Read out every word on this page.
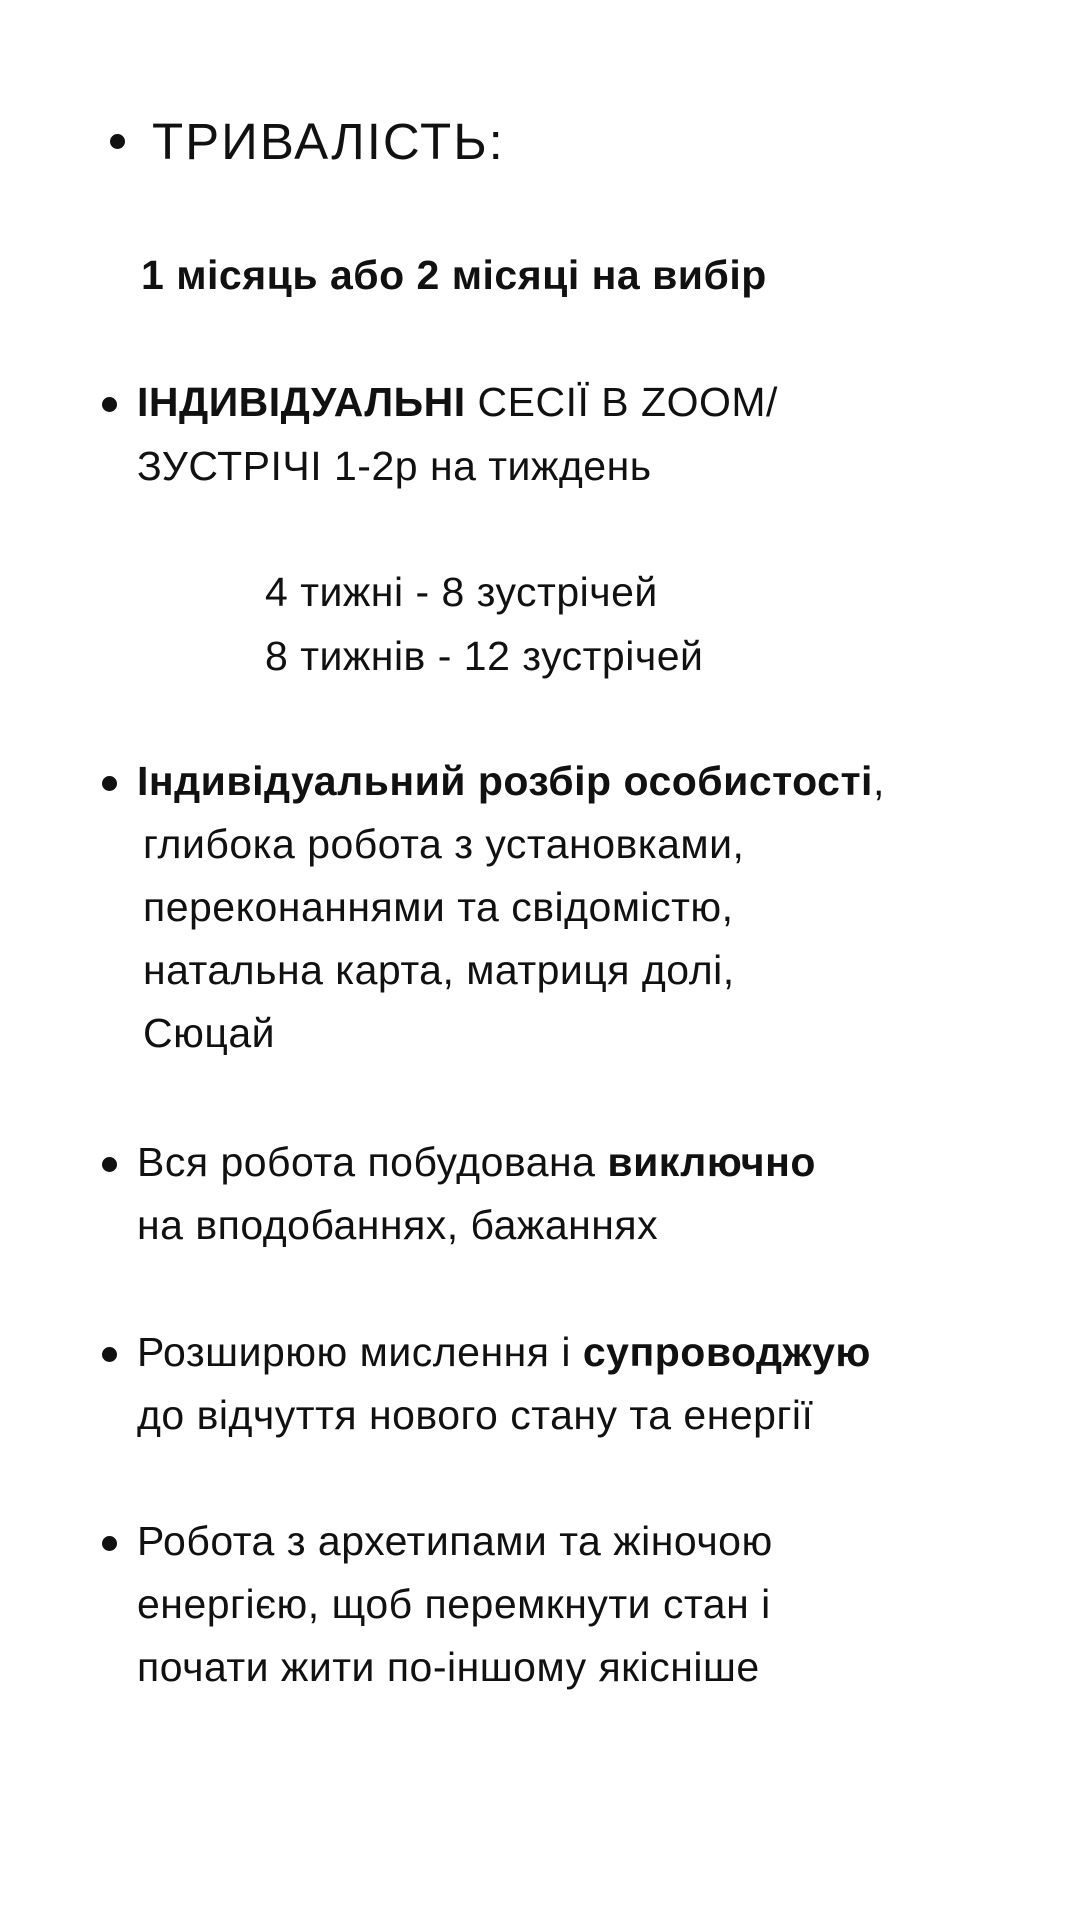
ТРИВАЛІСТЬ:
1 місяць або 2 місяці на вибір
ІНДИВІДУАЛЬНІ СЕСІЇ В ZOOM/
ЗУСТРІЧІ 1-2р на тиждень
4 тижні - 8 зустрічей
8 тижнів - 12 зустрічей
Індивідуальний розбір особистості,
глибока робота з установками,
переконаннями та свідомістю,
натальна карта, матриця долі,
Сюцай
Вся робота побудована виключно
на вподобаннях, бажаннях
Розширюю мислення і супроводжую
до відчуття нового стану та енергії
Робота з архетипами та жіночою
енергією, щоб перемкнути стан і
почати жити по-іншому якісніше
